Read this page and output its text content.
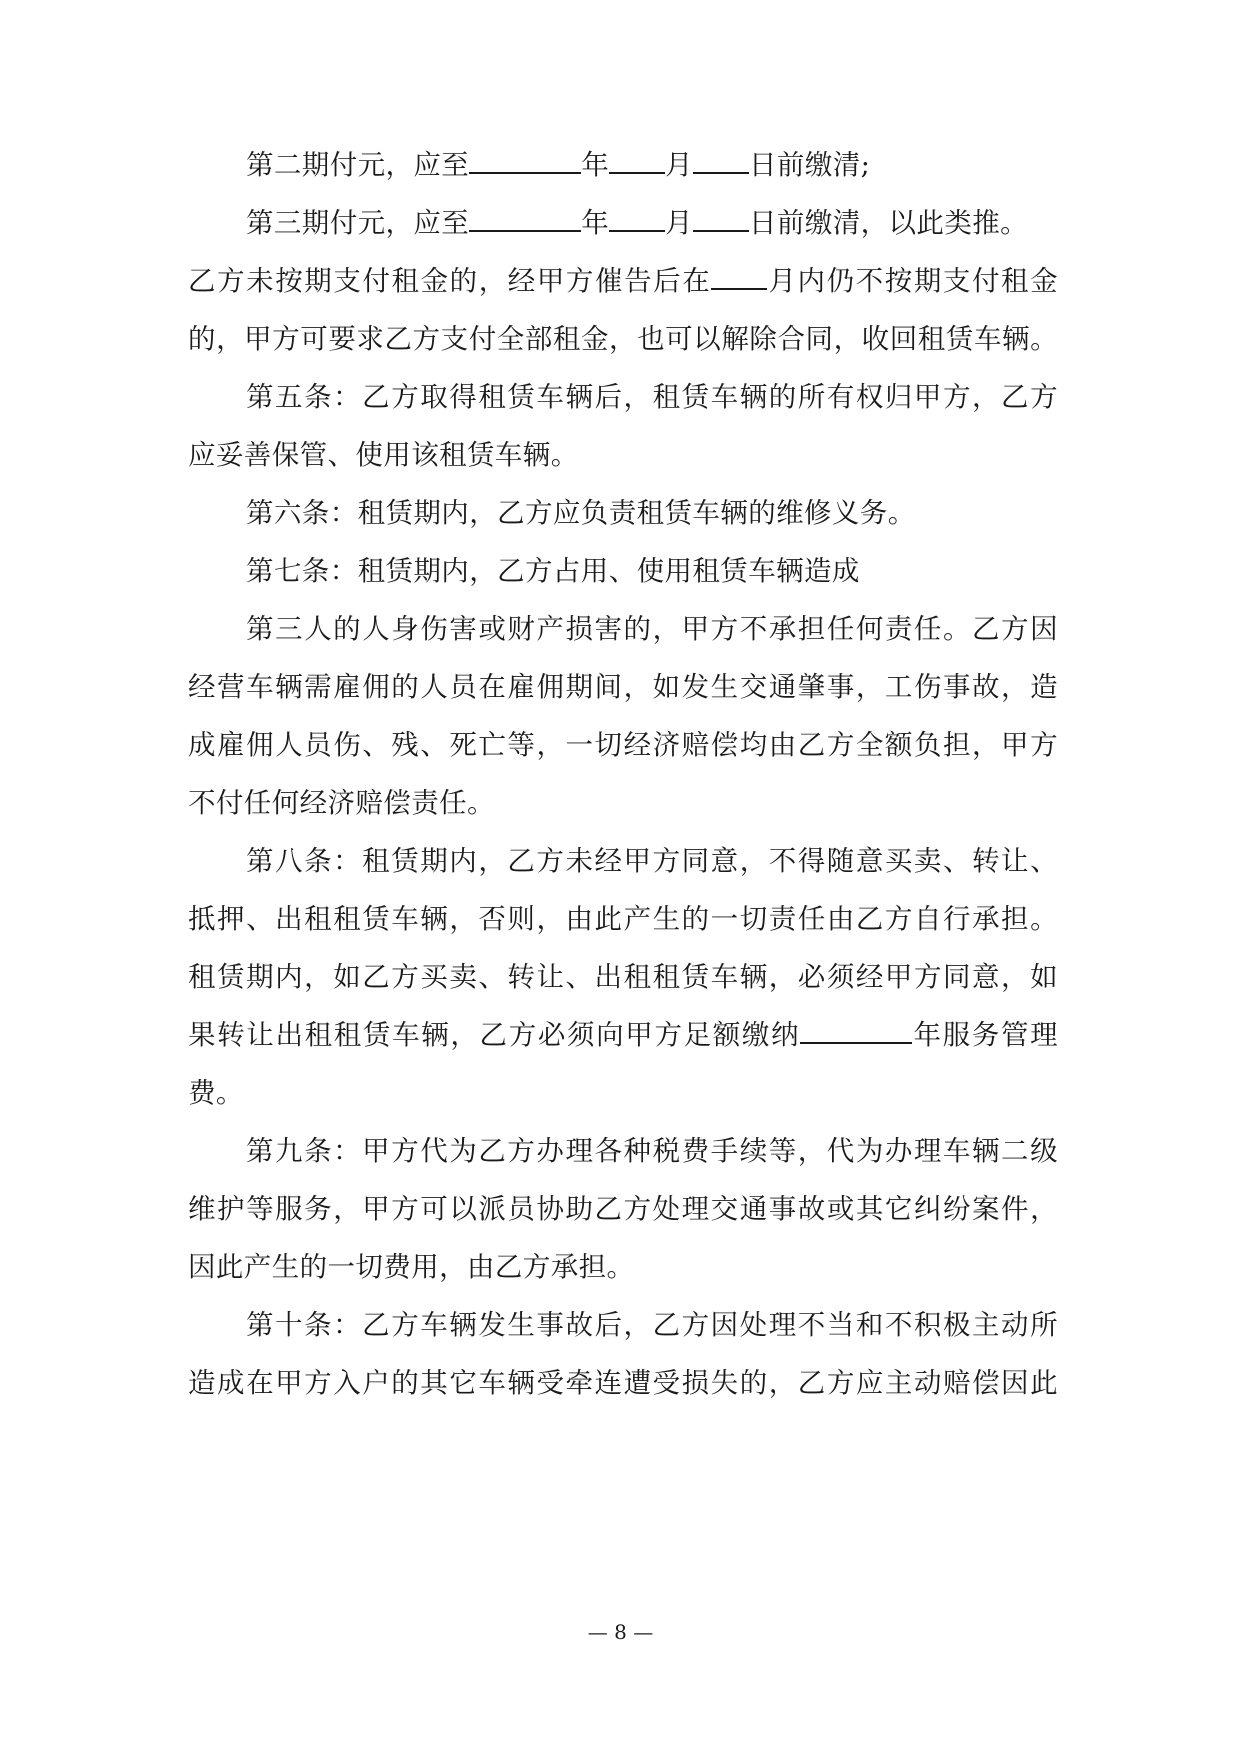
第二期付元，应至	年 月 日前缴清;
第三期付元，应至	年 月 日前缴清，以此类推。
乙方未按期支付租金的，经甲方催告后在 月内仍不按期支付租金
的，甲方可要求乙方支付全部租金，也可以解除合同，收回租赁车辆。
第五条：乙方取得租赁车辆后，租赁车辆的所有权归甲方，乙方
应妥善保管、使用该租赁车辆。
第六条：租赁期内，乙方应负责租赁车辆的维修义务。
第七条：租赁期内，乙方占用、使用租赁车辆造成
第三人的人身伤害或财产损害的，甲方不承担任何责任。乙方因
经营车辆需雇佣的人员在雇佣期间，如发生交通肇事，工伤事故，造
成雇佣人员伤、残、死亡等，一切经济赔偿均由乙方全额负担，甲方
不付任何经济赔偿责任。
第八条：租赁期内，乙方未经甲方同意，不得随意买卖、转让、
抵押、出租租赁车辆，否则，由此产生的一切责任由乙方自行承担。
租赁期内，如乙方买卖、转让、出租租赁车辆，必须经甲方同意，如
果转让出租租赁车辆，乙方必须向甲方足额缴纳	年服务管理
费。
第九条：甲方代为乙方办理各种税费手续等，代为办理车辆二级
维护等服务，甲方可以派员协助乙方处理交通事故或其它纠纷案件，
因此产生的一切费用，由乙方承担。
第十条：乙方车辆发生事故后，乙方因处理不当和不积极主动所
造成在甲方入户的其它车辆受牵连遭受损失的，乙方应主动赔偿因此
— 8 —
